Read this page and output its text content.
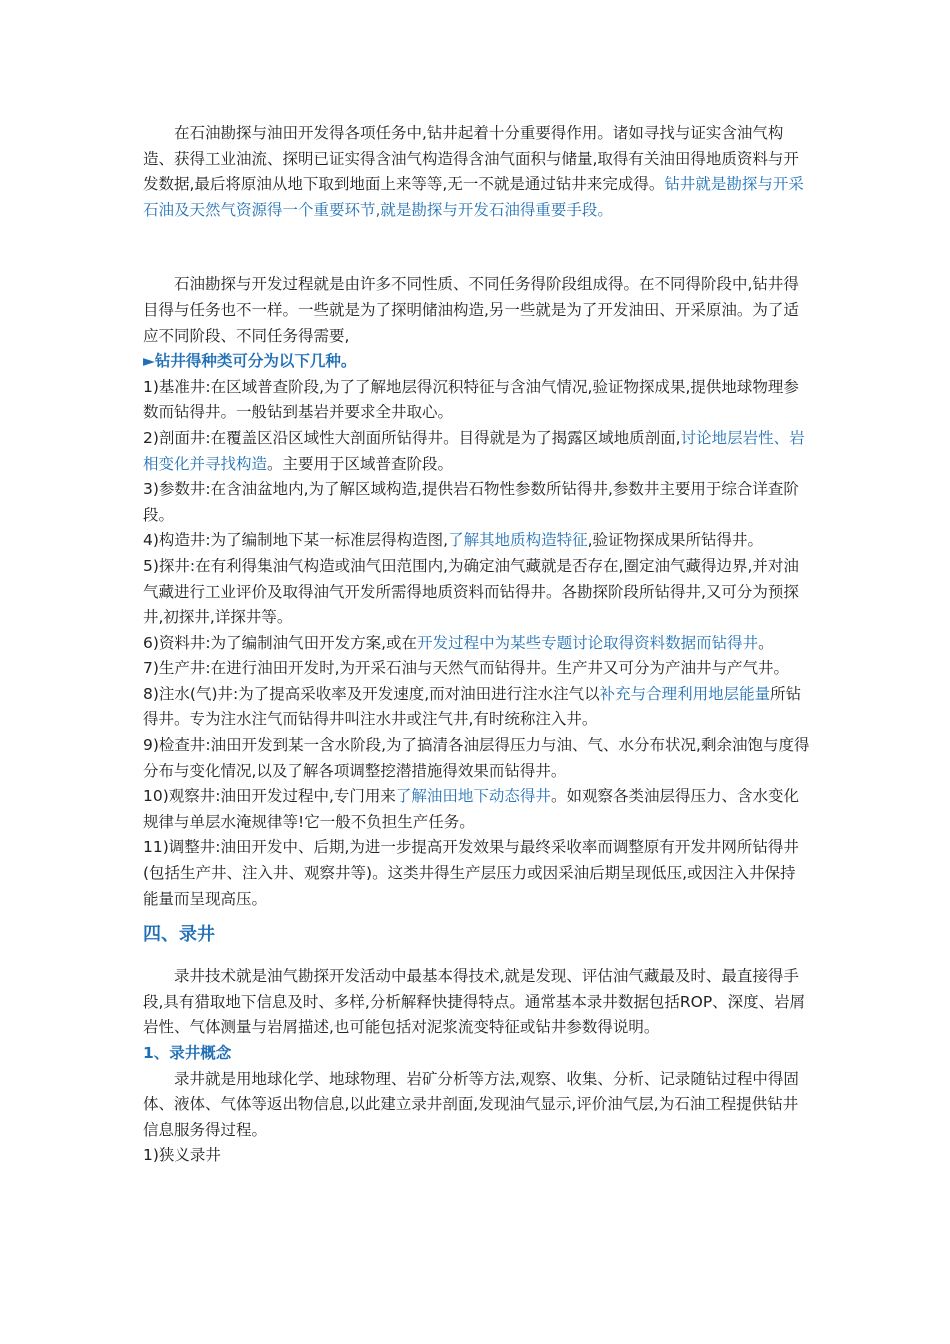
在石油勘探与油田开发得各项任务中,钻井起着十分重要得作用。诸如寻找与证实含油气构造、获得工业油流、探明已证实得含油气构造得含油气面积与储量,取得有关油田得地质资料与开发数据,最后将原油从地下取到地面上来等等,无一不就是通过钻井来完成得。钻井就是勘探与开采石油及天然气资源得一个重要环节,就是勘探与开发石油得重要手段。

石油勘探与开发过程就是由许多不同性质、不同任务得阶段组成得。在不同得阶段中,钻井得目得与任务也不一样。一些就是为了探明储油构造,另一些就是为了开发油田、开采原油。为了适应不同阶段、不同任务得需要,

►钻井得种类可分为以下几种。

1)基准井:在区域普查阶段,为了了解地层得沉积特征与含油气情况,验证物探成果,提供地球物理参数而钻得井。一般钻到基岩并要求全井取心。

2)剖面井:在覆盖区沿区域性大剖面所钻得井。目得就是为了揭露区域地质剖面,讨论地层岩性、岩相变化并寻找构造。主要用于区域普查阶段。

3)参数井:在含油盆地内,为了解区域构造,提供岩石物性参数所钻得井,参数井主要用于综合详查阶段。

4)构造井:为了编制地下某一标准层得构造图,了解其地质构造特征,验证物探成果所钻得井。

5)探井:在有利得集油气构造或油气田范围内,为确定油气藏就是否存在,圈定油气藏得边界,并对油气藏进行工业评价及取得油气开发所需得地质资料而钻得井。各勘探阶段所钻得井,又可分为预探井,初探井,详探井等。

6)资料井:为了编制油气田开发方案,或在开发过程中为某些专题讨论取得资料数据而钻得井。

7)生产井:在进行油田开发时,为开采石油与天然气而钻得井。生产井又可分为产油井与产气井。

8)注水(气)井:为了提高采收率及开发速度,而对油田进行注水注气以补充与合理利用地层能量所钻得井。专为注水注气而钻得井叫注水井或注气井,有时统称注入井。

9)检查井:油田开发到某一含水阶段,为了搞清各油层得压力与油、气、水分布状况,剩余油饱与度得分布与变化情况,以及了解各项调整挖潜措施得效果而钻得井。

10)观察井:油田开发过程中,专门用来了解油田地下动态得井。如观察各类油层得压力、含水变化规律与单层水淹规律等!它一般不负担生产任务。

11)调整井:油田开发中、后期,为进一步提高开发效果与最终采收率而调整原有开发井网所钻得井(包括生产井、注入井、观察井等)。这类井得生产层压力或因采油后期呈现低压,或因注入井保持能量而呈现高压。

四、录井

录井技术就是油气勘探开发活动中最基本得技术,就是发现、评估油气藏最及时、最直接得手段,具有猎取地下信息及时、多样,分析解释快捷得特点。通常基本录井数据包括ROP、深度、岩屑岩性、气体测量与岩屑描述,也可能包括对泥浆流变特征或钻井参数得说明。

1、录井概念

录井就是用地球化学、地球物理、岩矿分析等方法,观察、收集、分析、记录随钻过程中得固体、液体、气体等返出物信息,以此建立录井剖面,发现油气显示,评价油气层,为石油工程提供钻井信息服务得过程。

1)狭义录井
